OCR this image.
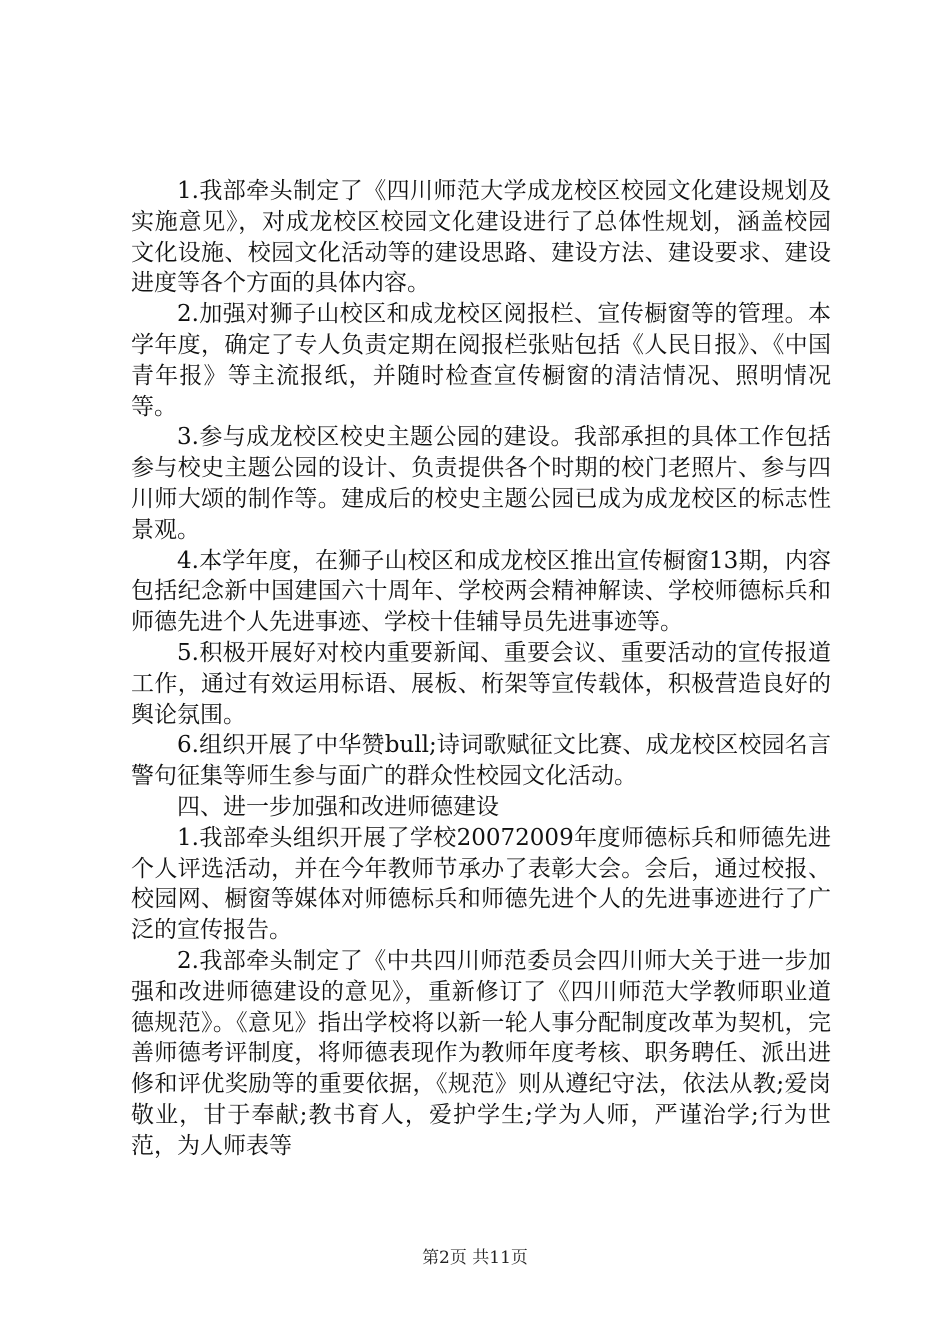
1.我部牵头制定了《四川师范大学成龙校区校园文化建设规划及实施意见》，对成龙校区校园文化建设进行了总体性规划，涵盖校园文化设施、校园文化活动等的建设思路、建设方法、建设要求、建设进度等各个方面的具体内容。

2.加强对狮子山校区和成龙校区阅报栏、宣传橱窗等的管理。本学年度，确定了专人负责定期在阅报栏张贴包括《人民日报》、《中国青年报》等主流报纸，并随时检查宣传橱窗的清洁情况、照明情况等。

3.参与成龙校区校史主题公园的建设。我部承担的具体工作包括参与校史主题公园的设计、负责提供各个时期的校门老照片、参与四川师大颂的制作等。建成后的校史主题公园已成为成龙校区的标志性景观。

4.本学年度，在狮子山校区和成龙校区推出宣传橱窗13期，内容包括纪念新中国建国六十周年、学校两会精神解读、学校师德标兵和师德先进个人先进事迹、学校十佳辅导员先进事迹等。

5.积极开展好对校内重要新闻、重要会议、重要活动的宣传报道工作，通过有效运用标语、展板、桁架等宣传载体，积极营造良好的舆论氛围。

6.组织开展了中华赞bull;诗词歌赋征文比赛、成龙校区校园名言警句征集等师生参与面广的群众性校园文化活动。

四、进一步加强和改进师德建设

1.我部牵头组织开展了学校20072009年度师德标兵和师德先进个人评选活动，并在今年教师节承办了表彰大会。会后，通过校报、校园网、橱窗等媒体对师德标兵和师德先进个人的先进事迹进行了广泛的宣传报告。

2.我部牵头制定了《中共四川师范委员会四川师大关于进一步加强和改进师德建设的意见》，重新修订了《四川师范大学教师职业道德规范》。《意见》指出学校将以新一轮人事分配制度改革为契机，完善师德考评制度，将师德表现作为教师年度考核、职务聘任、派出进修和评优奖励等的重要依据，《规范》则从遵纪守法，依法从教;爱岗敬业，甘于奉献;教书育人，爱护学生;学为人师，严谨治学;行为世范，为人师表等

第2页 共11页
